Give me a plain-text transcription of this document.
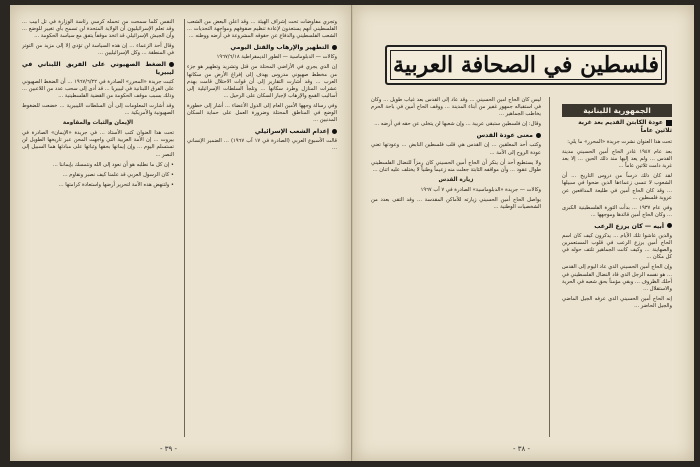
وتجري مفاوضات تحت إشراف الهيئة ... وقد أعلن البعض من الشعب الفلسطيني أنهم يستعدون لإعادة تنظيم صفوفهم ومواجهة التحديات ... الشعب الفلسطيني والدفاع عن حقوقه المشروعة في أرضه ووطنه ...
التطهير والإرهاب والقتل اليومي
وكالات — الدبلوماسية — الطور الديمقراطية ١٩٦٧/٦/١٨
إن الذي يجري في الأراضي المحتلة من قتل وتشريد وتطهير هو جزء من مخطط صهيوني مدروس يهدف إلى إفراغ الأرض من سكانها العرب ... وقد أشارت التقارير إلى أن قوات الاحتلال قامت بهدم عشرات المنازل وطرد سكانها ... وتلجأ السلطات الإسرائيلية إلى أساليب القمع والإرهاب لإجبار السكان على الرحيل ...
وفي رسالة وجهها الأمين العام إلى الدول الأعضاء ... أشار إلى خطورة الوضع في المناطق المحتلة وضرورة العمل على حماية السكان المدنيين ...
إعدام الشعب الإسرائيلي
قالت الأسبوع العربي (الصادرة في ١٧ آب ١٩٦٧) ... الضمير الإنساني ...
النفس كلما سمحت من تحمله كرسي رئاسة الوزارة في تل أبيب ... وقد تعلم الإسرائيليون أن الولاية المتحدة لن تسمح بأي تغيير للوضع ... وأن الجيش الإسرائيلي قد اتخذ موقفاً يتفق مع سياسة الحكومة ...
وقال أحد الزعماء ... إن هذه السياسة لن تؤدي إلا إلى مزيد من التوتر في المنطقة ... وكل الإسرائيليين ...
الضغط الصهيوني على الفريق اللبناني في ليبيريا
كتبت جريدة «المحرر» الصادرة في ١٩٦٧/٦/٢٢ ... أن الضغط الصهيوني على الفرق اللبنانية في ليبيريا ... قد أدى إلى سحب عدد من اللاعبين ... وذلك بسبب موقف الحكومة من القضية الفلسطينية ...
وقد أشارت المعلومات إلى أن السلطات الليبيرية ... خضعت للضغوط الصهيونية والأمريكية ...
الإيمان والثبات والمقاومة
تحت هذا العنوان كتب الأستاذ ... في جريدة «الإيمان» الصادرة في بيروت ... إن الأمة العربية التي واجهت المحن عبر تاريخها الطويل لن تستسلم اليوم ... وإن إيمانها بحقها وثباتها على مبادئها هما السبيل إلى النصر ...
• إن كل ما نطلبه هو أن نعود إلى الله ونتمسك بإيماننا ...
• كان الرسول العربي قد علمنا كيف نصبر ونقاوم ...
• ولتنهض هذه الأمة لتحرير أرضها واستعادة كرامتها ...
- ٣٩ -
فلسطين في الصحافة العربية
الجمهورية اللبنانية
عودة الكابتن القديم بعد غربة ثلاثين عاماً
تحت هذا العنوان نشرت جريدة «المحرر» ما يلي:
بعد عام ١٩٤٧ غادر الحاج أمين الحسيني مدينة القدس ... ولم يعد إليها منذ ذلك الحين ... إلا بعد غربة دامت ثلاثين عاماً ...
لقد كان ذلك درساً من دروس التاريخ ... أن الشعوب لا تنسى زعماءها الذين ضحوا في سبيلها ... وقد كان الحاج أمين في طليعة المدافعين عن عروبة فلسطين ...
وفي عام ١٩٣٧ ... بدأت الثورة الفلسطينية الكبرى ... وكان الحاج أمين قائدها وموجهها ...
أبيه — كان يرزع الرعب
والذين عاشوا تلك الأيام ... يذكرون كيف كان اسم الحاج أمين يرزع الرعب في قلوب المستعمرين والصهاينة ... وكيف كانت الجماهير تلتف حوله في كل مكان ...
وإن الحاج أمين الحسيني الذي عاد اليوم إلى القدس ... هو نفسه الرجل الذي قاد النضال الفلسطيني في أحلك الظروف ... وبقي مؤمناً بحق شعبه في الحرية والاستقلال ...
إنه الحاج أمين الحسيني الذي عرفه الجيل الماضي والجيل الحاضر ...
ليس كان الحاج أمين الحسيني ... وقد عاد إلى القدس بعد غياب طويل ... وكان في استقباله جمهور غفير من أبناء المدينة ... ووقف الحاج أمين في باحة الحرم يخاطب الجماهير ...
وقال: إن فلسطين ستبقى عربية ... وإن شعبها لن يتخلى عن حقه في أرضه ...
معنى عودة القدس
وكتب أحد المعلقين ... إن القدس هي قلب فلسطين النابض ... وعودتها تعني عودة الروح إلى الأمة ...
ولا يستطيع أحد أن ينكر أن الحاج أمين الحسيني كان رمزاً للنضال الفلسطيني طوال عقود ... وأن مواقفه الثابتة جعلت منه زعيماً وطنياً لا يختلف عليه اثنان ...
زيارة القدس
وكالات — جريدة «الدبلوماسية» الصادرة في ٧ آب ١٩٦٧
يواصل الحاج أمين الحسيني زيارته للأماكن المقدسة ... وقد التقى بعدد من الشخصيات الوطنية ...
- ٣٨ -
